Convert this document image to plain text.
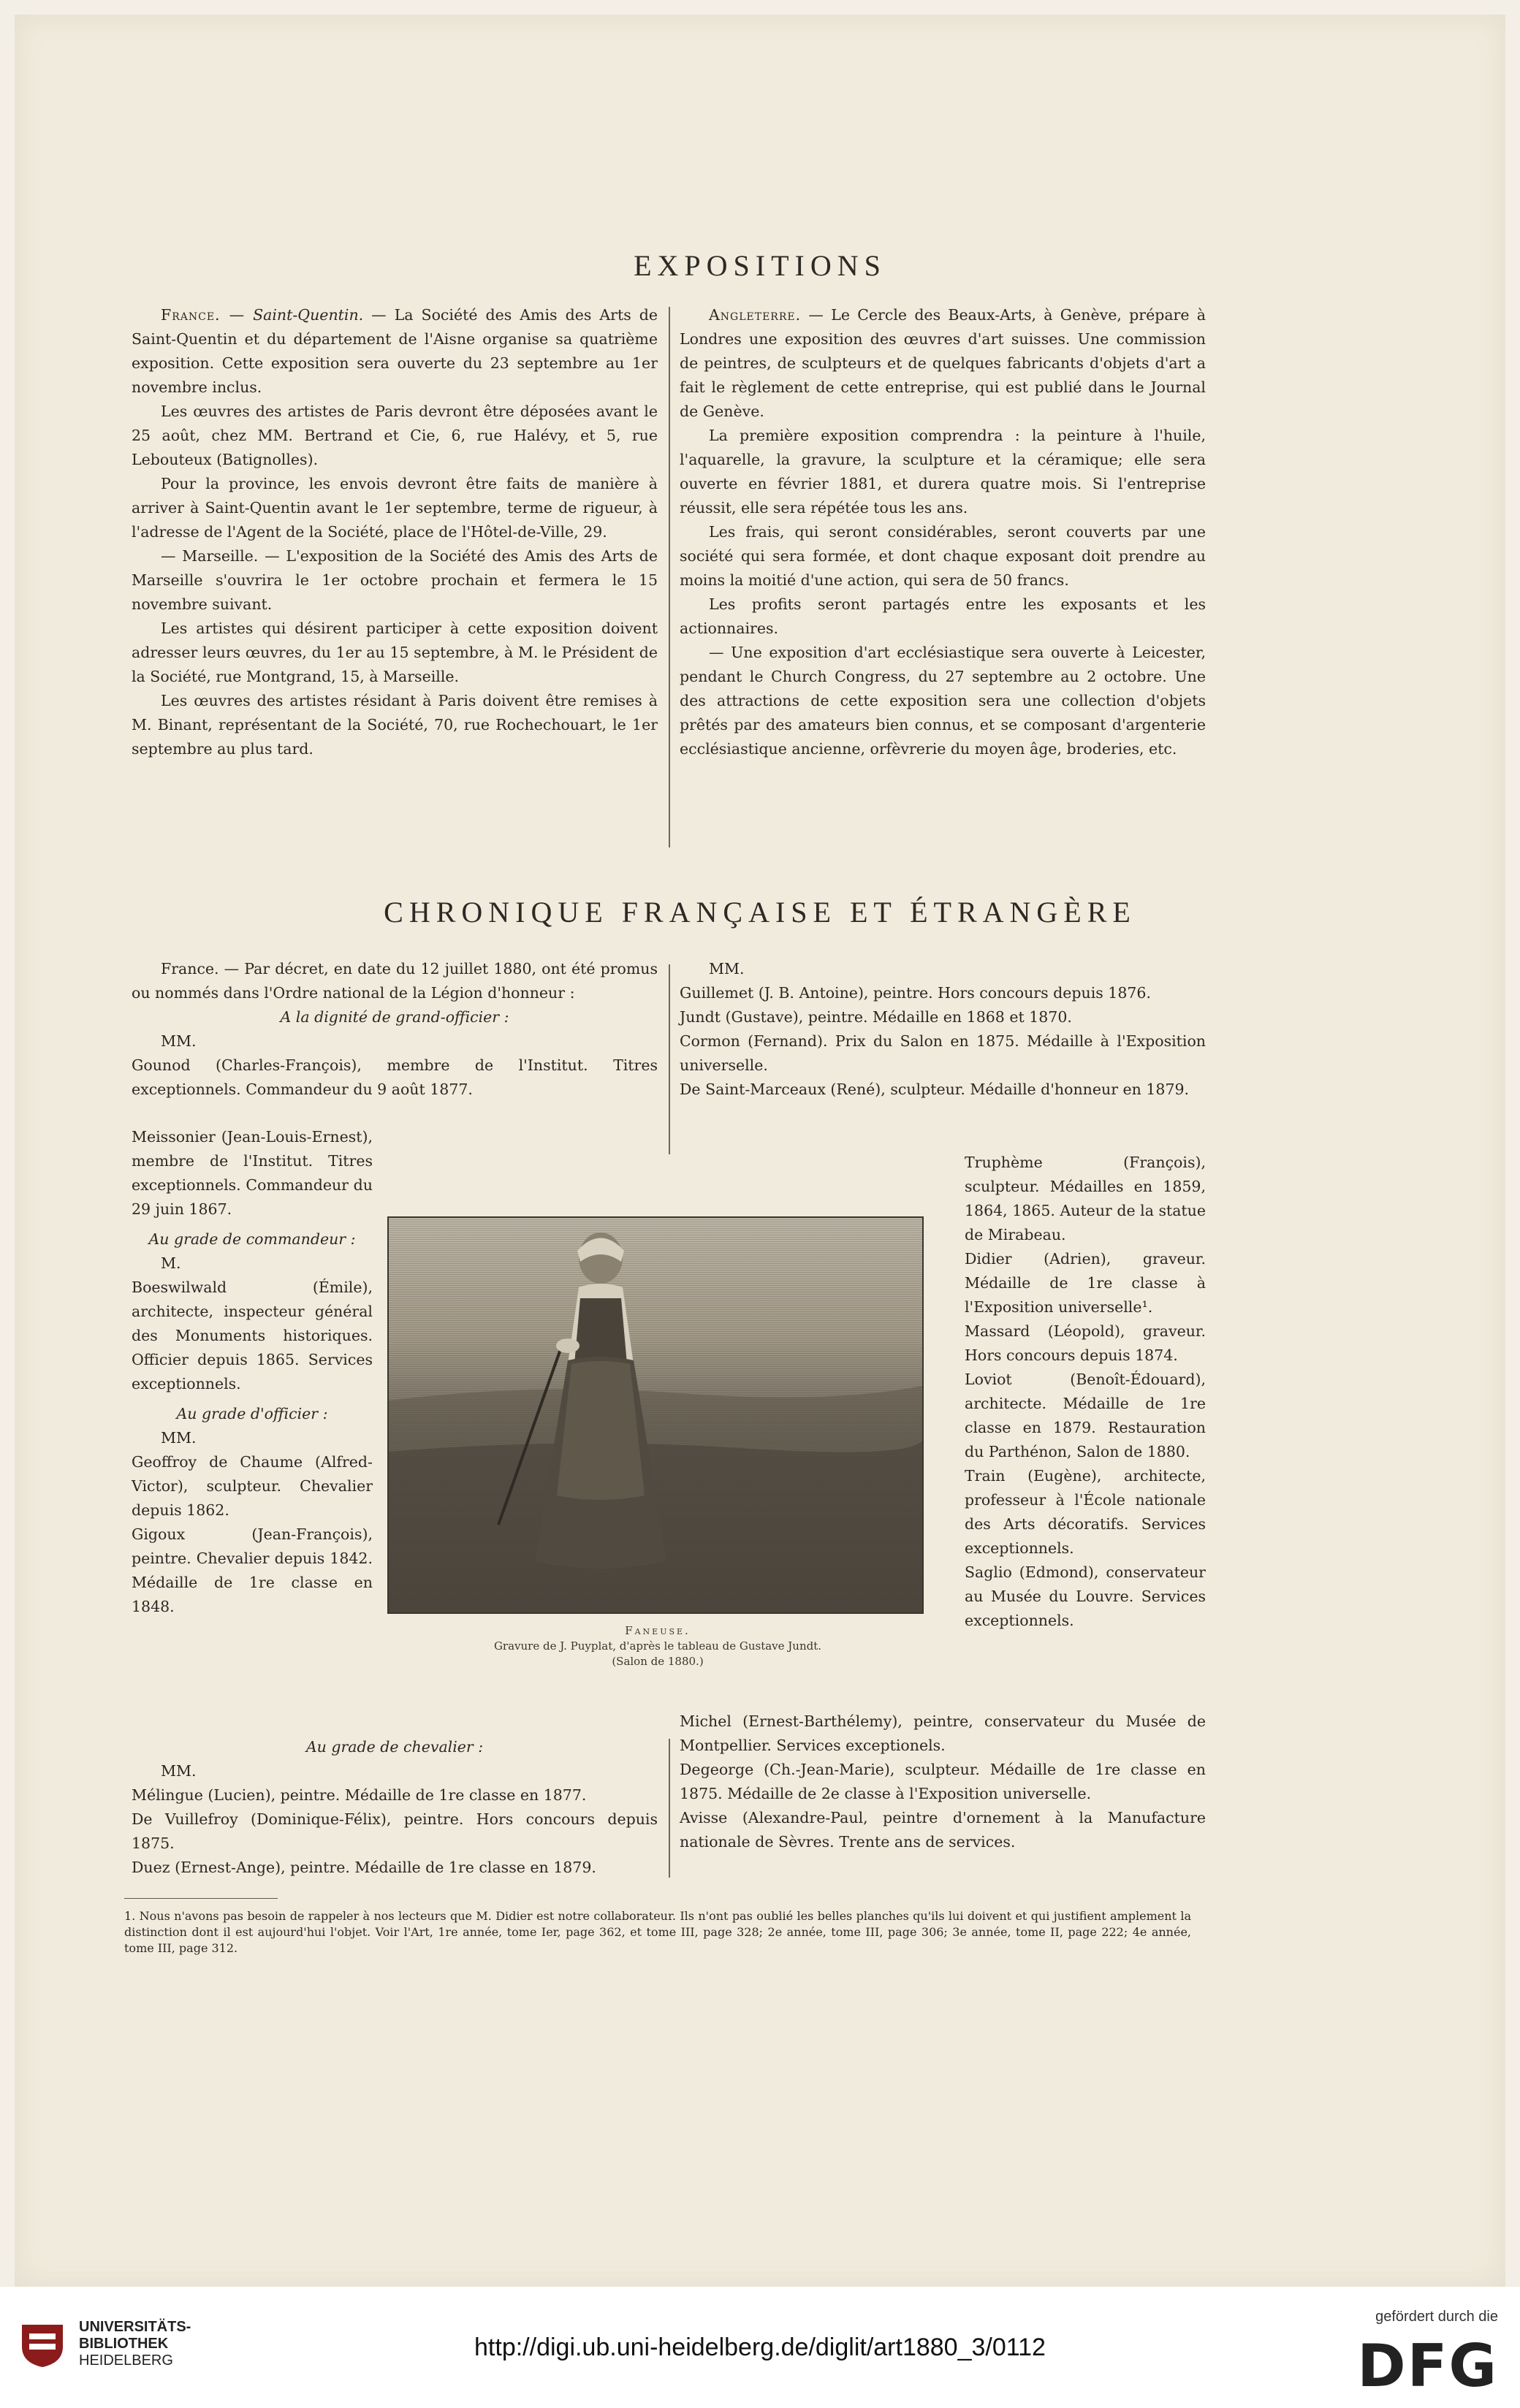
EXPOSITIONS

France. — Saint-Quentin. — La Société des Amis des Arts de Saint-Quentin et du département de l'Aisne organise sa quatrième exposition. Cette exposition sera ouverte du 23 septembre au 1er novembre inclus.

Les œuvres des artistes de Paris devront être déposées avant le 25 août, chez MM. Bertrand et Cie, 6, rue Halévy, et 5, rue Lebouteux (Batignolles).

Pour la province, les envois devront être faits de manière à arriver à Saint-Quentin avant le 1er septembre, terme de rigueur, à l'adresse de l'Agent de la Société, place de l'Hôtel-de-Ville, 29.

— Marseille. — L'exposition de la Société des Amis des Arts de Marseille s'ouvrira le 1er octobre prochain et fermera le 15 novembre suivant.

Les artistes qui désirent participer à cette exposition doivent adresser leurs œuvres, du 1er au 15 septembre, à M. le Président de la Société, rue Montgrand, 15, à Marseille.

Les œuvres des artistes résidant à Paris doivent être remises à M. Binant, représentant de la Société, 70, rue Rochechouart, le 1er septembre au plus tard.

Angleterre. — Le Cercle des Beaux-Arts, à Genève, prépare à Londres une exposition des œuvres d'art suisses. Une commission de peintres, de sculpteurs et de quelques fabricants d'objets d'art a fait le règlement de cette entreprise, qui est publié dans le Journal de Genève.

La première exposition comprendra : la peinture à l'huile, l'aquarelle, la gravure, la sculpture et la céramique; elle sera ouverte en février 1881, et durera quatre mois. Si l'entreprise réussit, elle sera répétée tous les ans.

Les frais, qui seront considérables, seront couverts par une société qui sera formée, et dont chaque exposant doit prendre au moins la moitié d'une action, qui sera de 50 francs.

Les profits seront partagés entre les exposants et les actionnaires.

— Une exposition d'art ecclésiastique sera ouverte à Leicester, pendant le Church Congress, du 27 septembre au 2 octobre. Une des attractions de cette exposition sera une collection d'objets prêtés par des amateurs bien connus, et se composant d'argenterie ecclésiastique ancienne, orfèvrerie du moyen âge, broderies, etc.

CHRONIQUE FRANÇAISE ET ÉTRANGÈRE

France. — Par décret, en date du 12 juillet 1880, ont été promus ou nommés dans l'Ordre national de la Légion d'honneur :

A la dignité de grand-officier :

MM.

Gounod (Charles-François), membre de l'Institut. Titres exceptionnels. Commandeur du 9 août 1877.

Meissonier (Jean-Louis-Ernest), membre de l'Institut. Titres exceptionnels. Commandeur du 29 juin 1867.

Au grade de commandeur :

M.

Boeswilwald (Émile), architecte, inspecteur général des Monuments historiques. Officier depuis 1865. Services exceptionnels.

Au grade d'officier :

MM.

Geoffroy de Chaume (Alfred-Victor), sculpteur. Chevalier depuis 1862.

Gigoux (Jean-François), peintre. Chevalier depuis 1842. Médaille de 1re classe en 1848.

Au grade de chevalier :

MM.

Mélingue (Lucien), peintre. Médaille de 1re classe en 1877.

De Vuillefroy (Dominique-Félix), peintre. Hors concours depuis 1875.

Duez (Ernest-Ange), peintre. Médaille de 1re classe en 1879.

MM.

Guillemet (J. B. Antoine), peintre. Hors concours depuis 1876.

Jundt (Gustave), peintre. Médaille en 1868 et 1870.

Cormon (Fernand). Prix du Salon en 1875. Médaille à l'Exposition universelle.

De Saint-Marceaux (René), sculpteur. Médaille d'honneur en 1879.

Truphème (François), sculpteur. Médailles en 1859, 1864, 1865. Auteur de la statue de Mirabeau.

Didier (Adrien), graveur. Médaille de 1re classe à l'Exposition universelle¹.

Massard (Léopold), graveur. Hors concours depuis 1874.

Loviot (Benoît-Édouard), architecte. Médaille de 1re classe en 1879. Restauration du Parthénon, Salon de 1880.

Train (Eugène), architecte, professeur à l'École nationale des Arts décoratifs. Services exceptionnels.

Saglio (Edmond), conservateur au Musée du Louvre. Services exceptionnels.

Michel (Ernest-Barthélemy), peintre, conservateur du Musée de Montpellier. Services exceptionels.

Degeorge (Ch.-Jean-Marie), sculpteur. Médaille de 1re classe en 1875. Médaille de 2e classe à l'Exposition universelle.

Avisse (Alexandre-Paul, peintre d'ornement à la Manufacture nationale de Sèvres. Trente ans de services.

Faneuse.
Gravure de J. Puyplat, d'après le tableau de Gustave Jundt.
(Salon de 1880.)
1. Nous n'avons pas besoin de rappeler à nos lecteurs que M. Didier est notre collaborateur. Ils n'ont pas oublié les belles planches qu'ils lui doivent et qui justifient amplement la distinction dont il est aujourd'hui l'objet. Voir l'Art, 1re année, tome Ier, page 362, et tome III, page 328; 2e année, tome III, page 306; 3e année, tome II, page 222; 4e année, tome III, page 312.
UNIVERSITÄTS-
BIBLIOTHEK
HEIDELBERG	http://digi.ub.uni-heidelberg.de/diglit/art1880_3/0112
gefördert durch die
DFG
